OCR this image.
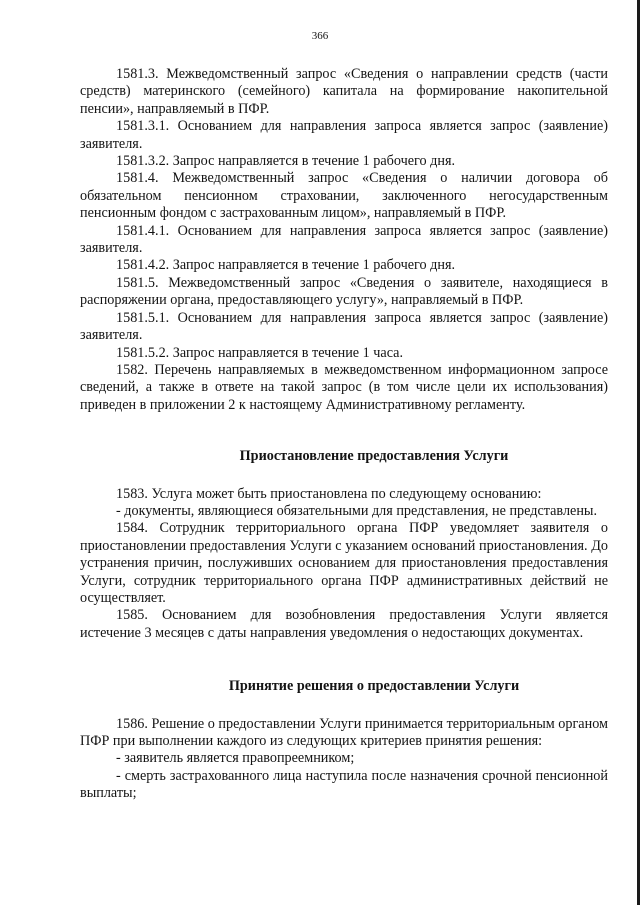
366

1581.3. Межведомственный запрос «Сведения о направлении средств (части средств) материнского (семейного) капитала на формирование накопительной пенсии», направляемый в ПФР.

1581.3.1. Основанием для направления запроса является запрос (заявление) заявителя.

1581.3.2. Запрос направляется в течение 1 рабочего дня.

1581.4. Межведомственный запрос «Сведения о наличии договора об обязательном пенсионном страховании, заключенного негосударственным пенсионным фондом с застрахованным лицом», направляемый в ПФР.

1581.4.1. Основанием для направления запроса является запрос (заявление) заявителя.

1581.4.2. Запрос направляется в течение 1 рабочего дня.

1581.5. Межведомственный запрос «Сведения о заявителе, находящиеся в распоряжении органа, предоставляющего услугу», направляемый в ПФР.

1581.5.1. Основанием для направления запроса является запрос (заявление) заявителя.

1581.5.2. Запрос направляется в течение 1 часа.

1582. Перечень направляемых в межведомственном информационном запросе сведений, а также в ответе на такой запрос (в том числе цели их использования) приведен в приложении 2 к настоящему Административному регламенту.

Приостановление предоставления Услуги

1583. Услуга может быть приостановлена по следующему основанию:

- документы, являющиеся обязательными для представления, не представлены.

1584. Сотрудник территориального органа ПФР уведомляет заявителя о приостановлении предоставления Услуги с указанием оснований приостановления. До устранения причин, послуживших основанием для приостановления предоставления Услуги, сотрудник территориального органа ПФР административных действий не осуществляет.

1585. Основанием для возобновления предоставления Услуги является истечение 3 месяцев с даты направления уведомления о недостающих документах.

Принятие решения о предоставлении Услуги

1586. Решение о предоставлении Услуги принимается территориальным органом ПФР при выполнении каждого из следующих критериев принятия решения:

- заявитель является правопреемником;

- смерть застрахованного лица наступила после назначения срочной пенсионной выплаты;
